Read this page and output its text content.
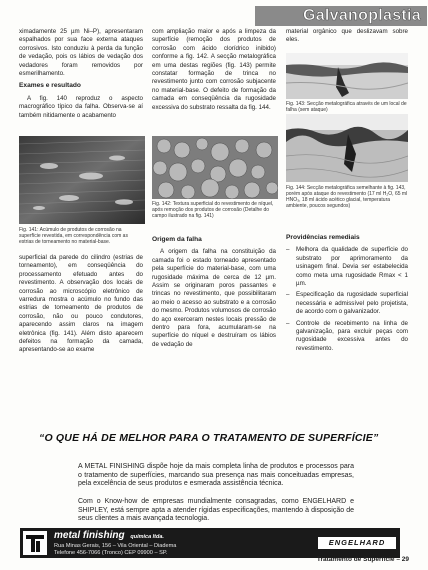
Galvanoplastia

ximadamente 25 µm Ni–P), apresentaram espalhados por sua face externa ataques corrosivos. Isto conduziu à perda da função de vedação, pois os lábios de vedação dos vedadores foram removidos por esmerilhamento.

Exames e resultado

A fig. 140 reproduz o aspecto macrográfico típico da falha. Observa-se aí também nitidamente o acabamento

Fig. 141: Acúmulo de produtos de corrosão na superfície revestida, em correspondência com as estrias de torneamento no material-base.

superficial da parede do cilindro (estrias de torneamento), em conseqüência do processamento efetuado antes do revestimento. A observação dos locais de corrosão ao microscópio eletrônico de varredura mostra o acúmulo no fundo das estrias de torneamento de produtos de corrosão, não ou pouco condutores, aparecendo assim claros na imagem eletrônica (fig. 141). Além disto aparecem defeitos na formação da camada, apresentando-se ao exame

com ampliação maior e após a limpeza da superfície (remoção dos produtos de corrosão com ácido clorídrico inibido) conforme a fig. 142. A secção metalográfica em uma destas regiões (fig. 143) permite constatar formação de trinca no revestimento junto com corrosão subjacente no material-base. O defeito de formação da camada em conseqüência da rugosidade excessiva do substrato ressalta da fig. 144.

Fig. 142: Textura superficial do revestimento de níquel, após remoção dos produtos de corrosão (Detalhe do campo ilustrado na fig. 141)
Origem da falha

A origem da falha na constituição da camada foi o estado torneado apresentado pela superfície do material-base, com uma rugosidade máxima de cerca de 12 µm. Assim se originaram poros passantes e trincas no revestimento, que possibilitaram ao meio o acesso ao substrato e a corrosão do mesmo. Produtos volumosos de corrosão do aço exerceram nestes locais pressão de dentro para fora, acumularam-se na superfície do níquel e destruíram os lábios de vedação de

material orgânico que deslizavam sobre eles.

Fig. 143: Secção metalográfica através de um local de falha (sem ataque)
Fig. 144: Secção metalográfica semelhante à fig. 143, porém após ataque do revestimento (17 ml H₂O, 65 ml HNO₃, 18 ml ácido acético glacial, temperatura ambiente, poucos segundos)
Providências remediais
– Melhora da qualidade de superfície do substrato por aprimoramento da usinagem final. Devia ser estabelecida como meta uma rugosidade Rmax < 1 µm.
– Especificação da rugosidade superficial necessária e admissível pelo projetista, de acordo com o galvanizador.
– Controle de recebimento na linha de galvanização, para excluir peças com rugosidade excessiva antes do revestimento.
“O QUE HÁ DE MELHOR PARA O TRATAMENTO DE SUPERFÍCIE”
A METAL FINISHING dispõe hoje da mais completa linha de produtos e processos para o tratamento de superfícies, marcando sua presença nas mais conceituadas empresas, pela excelência de seus produtos e esmerada assistência técnica.
Com o Know-how de empresas mundialmente consagradas, como ENGELHARD e SHIPLEY, está sempre apta a atender rígidas especificações, mantendo à disposição de seus clientes a mais avançada tecnologia.
metal finishing química ltda.
Rua Minas Gerais, 156 – Vila Oriental – Diadema
Telefone 456-7066 (Tronco) CEP 09900 – SP.
ENGELHARD
Tratamento de Superfície – 29
